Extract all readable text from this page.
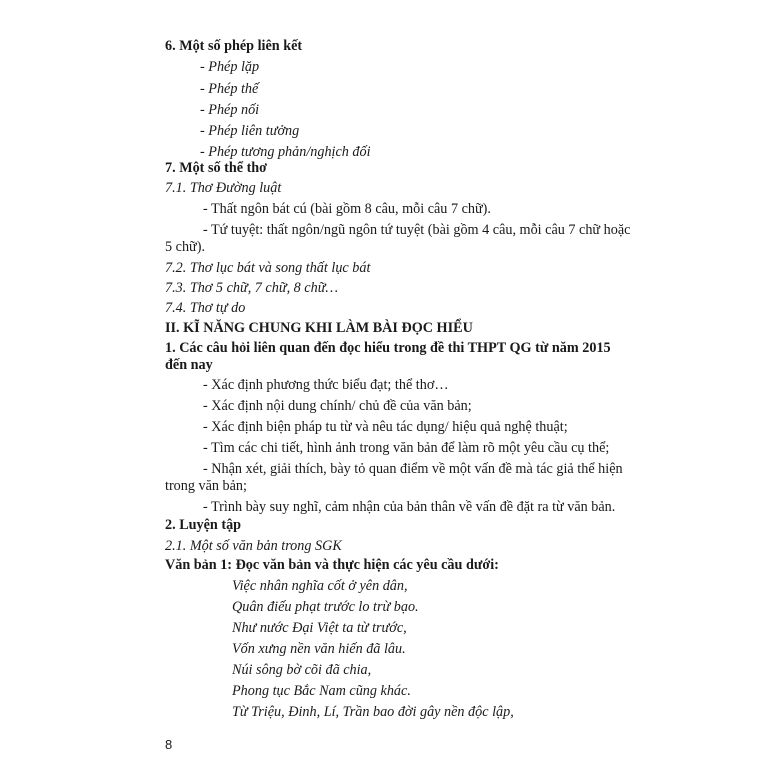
6. Một số phép liên kết
- Phép lặp
- Phép thế
- Phép nối
- Phép liên tưởng
- Phép tương phản/nghịch đối
7. Một số thể thơ
7.1. Thơ Đường luật
- Thất ngôn bát cú (bài gồm 8 câu, mỗi câu 7 chữ).
- Tứ tuyệt: thất ngôn/ngũ ngôn tứ tuyệt (bài gồm 4 câu, mỗi câu 7 chữ hoặc
5 chữ).
7.2. Thơ lục bát và song thất lục bát
7.3. Thơ 5 chữ, 7 chữ, 8 chữ…
7.4. Thơ tự do
II. KĨ NĂNG CHUNG KHI LÀM BÀI ĐỌC HIỂU
1. Các câu hỏi liên quan đến đọc hiểu trong đề thi THPT QG từ năm 2015
đến nay
- Xác định phương thức biểu đạt; thể thơ…
- Xác định nội dung chính/ chủ đề của văn bản;
- Xác định biện pháp tu từ và nêu tác dụng/ hiệu quả nghệ thuật;
- Tìm các chi tiết, hình ảnh trong văn bản để làm rõ một yêu cầu cụ thể;
- Nhận xét, giải thích, bày tỏ quan điểm về một vấn đề mà tác giả thể hiện
trong văn bản;
- Trình bày suy nghĩ, cảm nhận của bản thân về vấn đề đặt ra từ văn bản.
2. Luyện tập
2.1. Một số văn bản trong SGK
Văn bản 1: Đọc văn bản và thực hiện các yêu cầu dưới:
Việc nhân nghĩa cốt ở yên dân,
Quân điếu phạt trước lo trừ bạo.
Như nước Đại Việt ta từ trước,
Vốn xưng nền văn hiến đã lâu.
Núi sông bờ cõi đã chia,
Phong tục Bắc Nam cũng khác.
Từ Triệu, Đinh, Lí, Trần bao đời gây nền độc lập,
8
